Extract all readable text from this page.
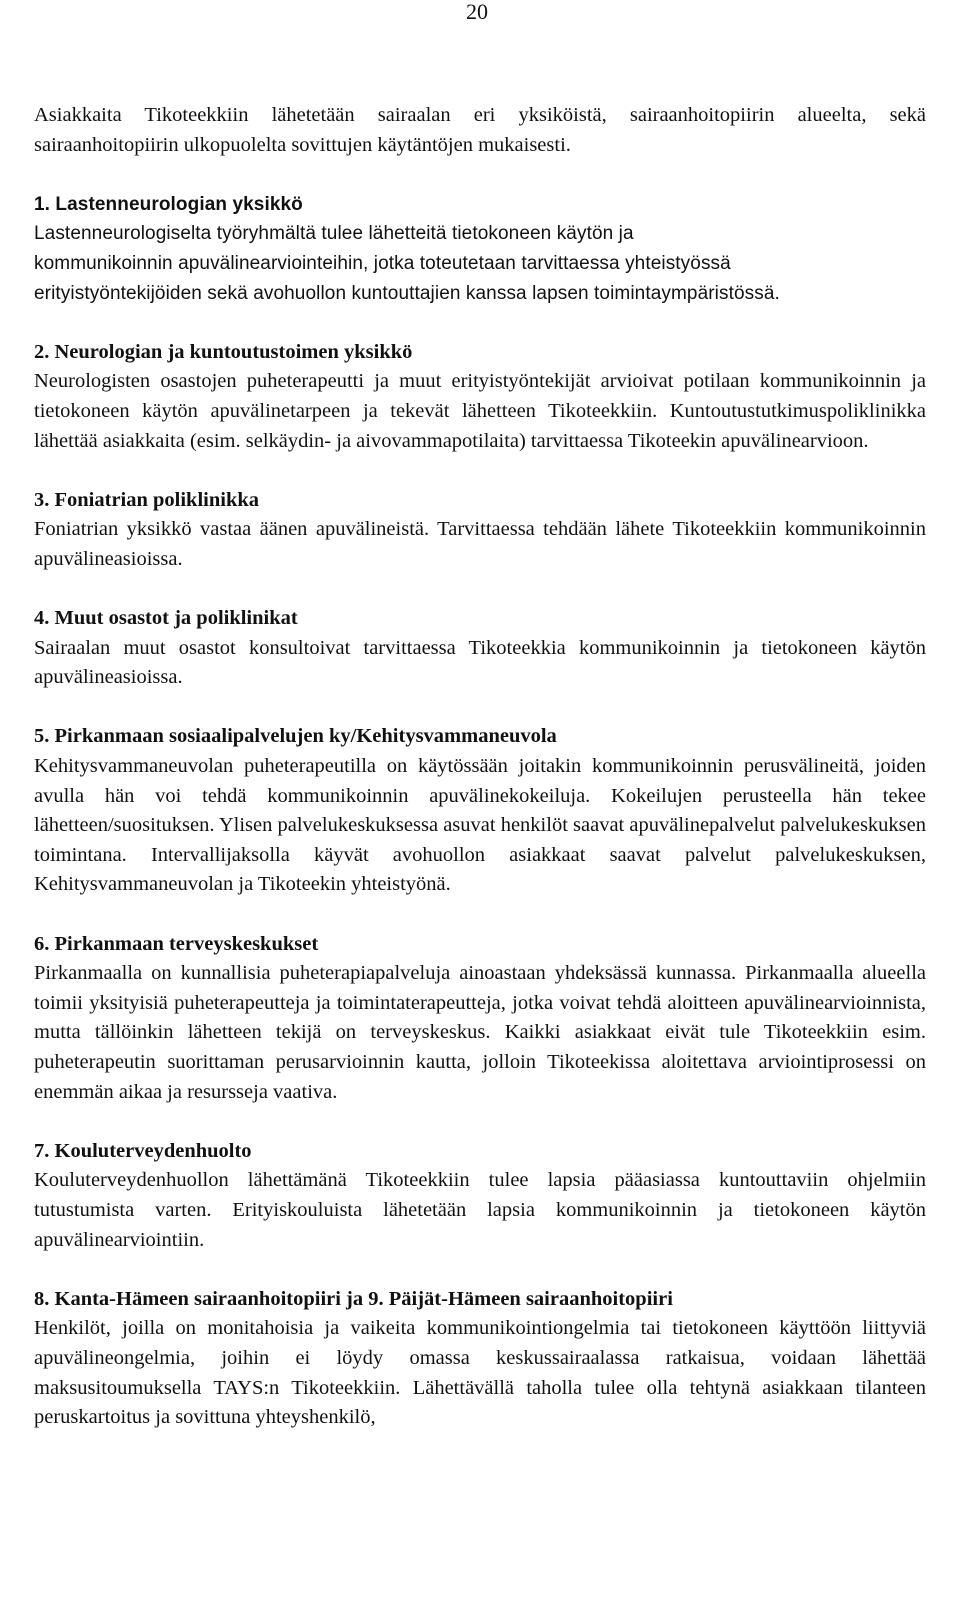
20

Asiakkaita Tikoteekkiin lähetetään sairaalan eri yksiköistä, sairaanhoitopiirin alueelta, sekä sairaanhoitopiirin ulkopuolelta sovittujen käytäntöjen mukaisesti.

1. Lastenneurologian yksikkö

Lastenneurologiselta työryhmältä tulee lähetteitä tietokoneen käytön ja

kommunikoinnin apuvälinearviointeihin, jotka toteutetaan tarvittaessa yhteistyössä

erityistyöntekijöiden sekä avohuollon kuntouttajien kanssa lapsen toimintaympäristössä.

2. Neurologian ja kuntoutustoimen yksikkö

Neurologisten osastojen puheterapeutti ja muut erityistyöntekijät arvioivat potilaan kommunikoinnin ja tietokoneen käytön apuvälinetarpeen ja tekevät lähetteen Tikoteekkiin. Kuntoutustutkimuspoliklinikka lähettää asiakkaita (esim. selkäydin- ja aivovammapotilaita) tarvittaessa Tikoteekin apuvälinearvioon.

3. Foniatrian poliklinikka

Foniatrian yksikkö vastaa äänen apuvälineistä. Tarvittaessa tehdään lähete Tikoteekkiin kommunikoinnin apuvälineasioissa.

4. Muut osastot ja poliklinikat

Sairaalan muut osastot konsultoivat tarvittaessa Tikoteekkia kommunikoinnin ja tietokoneen käytön apuvälineasioissa.

5. Pirkanmaan sosiaalipalvelujen ky/Kehitysvammaneuvola

Kehitysvammaneuvolan puheterapeutilla on käytössään joitakin kommunikoinnin perusvälineitä, joiden avulla hän voi tehdä kommunikoinnin apuvälinekokeiluja. Kokeilujen perusteella hän tekee lähetteen/suosituksen. Ylisen palvelukeskuksessa asuvat henkilöt saavat apuvälinepalvelut palvelukeskuksen toimintana. Intervallijaksolla käyvät avohuollon asiakkaat saavat palvelut palvelukeskuksen, Kehitysvammaneuvolan ja Tikoteekin yhteistyönä.

6. Pirkanmaan terveyskeskukset

Pirkanmaalla on kunnallisia puheterapiapalveluja ainoastaan yhdeksässä kunnassa. Pirkanmaalla alueella toimii yksityisiä puheterapeutteja ja toimintaterapeutteja, jotka voivat tehdä aloitteen apuvälinearvioinnista, mutta tällöinkin lähetteen tekijä on terveyskeskus. Kaikki asiakkaat eivät tule Tikoteekkiin esim. puheterapeutin suorittaman perusarvioinnin kautta, jolloin Tikoteekissa aloitettava arviointiprosessi on enemmän aikaa ja resursseja vaativa.

7. Kouluterveydenhuolto

Kouluterveydenhuollon lähettämänä Tikoteekkiin tulee lapsia pääasiassa kuntouttaviin ohjelmiin tutustumista varten. Erityiskouluista lähetetään lapsia kommunikoinnin ja tietokoneen käytön apuvälinearviointiin.

8. Kanta-Hämeen sairaanhoitopiiri ja 9. Päijät-Hämeen sairaanhoitopiiri

Henkilöt, joilla on monitahoisia ja vaikeita kommunikointiongelmia tai tietokoneen käyttöön liittyviä apuvälineongelmia, joihin ei löydy omassa keskussairaalassa ratkaisua, voidaan lähettää maksusitoumuksella TAYS:n Tikoteekkiin. Lähettävällä taholla tulee olla tehtynä asiakkaan tilanteen peruskartoitus ja sovittuna yhteyshenkilö,
